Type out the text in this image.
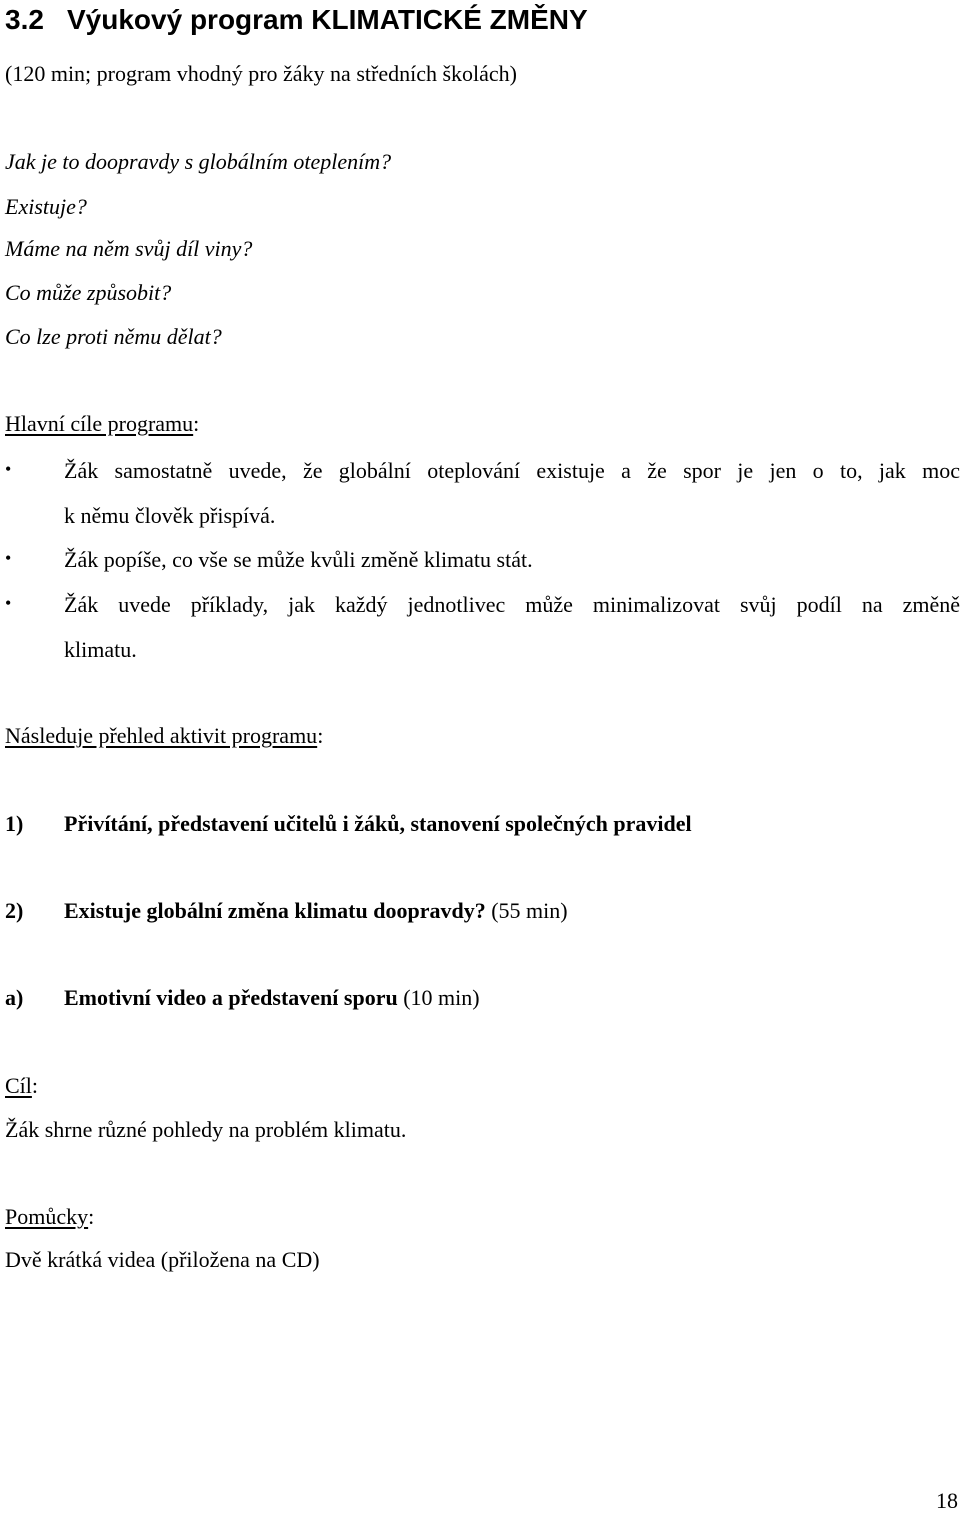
3.2 Výukový program KLIMATICKÉ ZMĚNY

(120 min; program vhodný pro žáky na středních školách)

Jak je to doopravdy s globálním oteplením?

Existuje?

Máme na něm svůj díl viny?

Co může způsobit?

Co lze proti němu dělat?

Hlavní cíle programu:

• Žák samostatně uvede, že globální oteplování existuje a že spor je jen o to, jak moc
k němu člověk přispívá.
• Žák popíše, co vše se může kvůli změně klimatu stát.
• Žák uvede příklady, jak každý jednotlivec může minimalizovat svůj podíl na změně
klimatu.

Následuje přehled aktivit programu:

1) Přivítání, představení učitelů i žáků, stanovení společných pravidel

2) Existuje globální změna klimatu doopravdy? (55 min)

a) Emotivní video a představení sporu (10 min)

Cíl:

Žák shrne různé pohledy na problém klimatu.

Pomůcky:

Dvě krátká videa (přiložena na CD)

18
